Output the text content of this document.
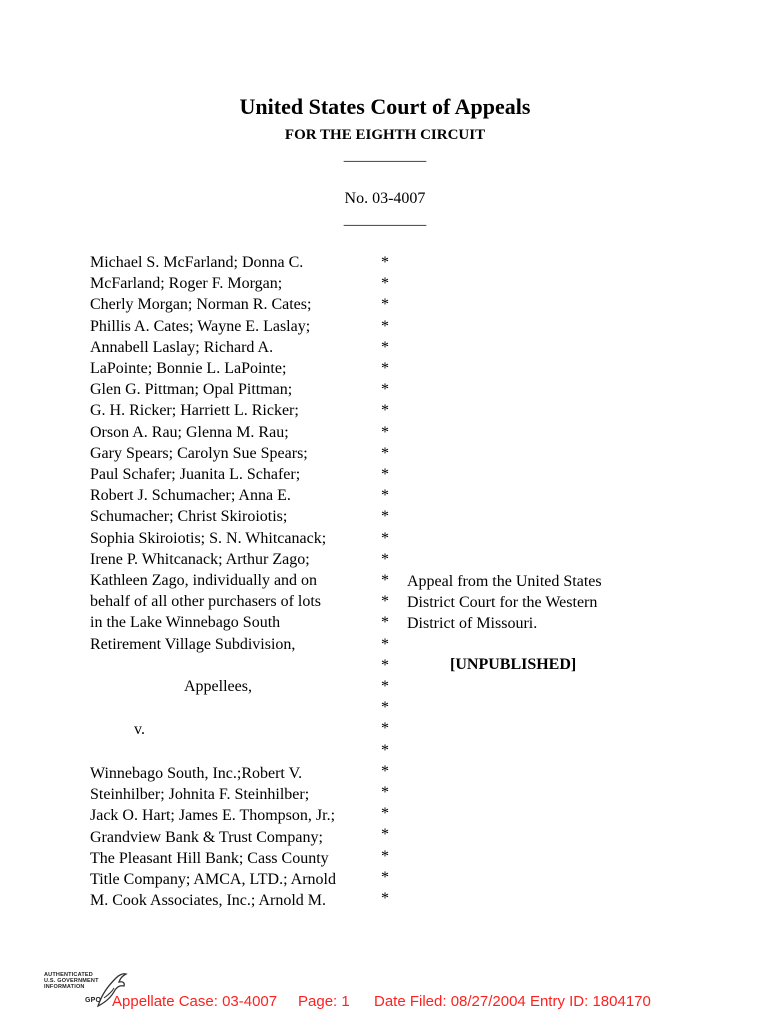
United States Court of Appeals
FOR THE EIGHTH CIRCUIT
___________
No. 03-4007
___________
Michael S. McFarland; Donna C.
McFarland; Roger F. Morgan;
Cherly Morgan; Norman R. Cates;
Phillis A. Cates; Wayne E. Laslay;
Annabell Laslay; Richard A.
LaPointe; Bonnie L. LaPointe;
Glen G. Pittman; Opal Pittman;
G. H. Ricker; Harriett L. Ricker;
Orson A. Rau; Glenna M. Rau;
Gary Spears; Carolyn Sue Spears;
Paul Schafer; Juanita L. Schafer;
Robert J. Schumacher; Anna E.
Schumacher; Christ Skiroiotis;
Sophia Skiroiotis; S. N. Whitcanack;
Irene P. Whitcanack; Arthur Zago;
Kathleen Zago, individually and on
behalf of all other purchasers of lots
in the Lake Winnebago South
Retirement Village Subdivision,
Appellees,
v.
Winnebago South, Inc.;Robert V.
Steinhilber; Johnita F. Steinhilber;
Jack O. Hart; James E. Thompson, Jr.;
Grandview Bank & Trust Company;
The Pleasant Hill Bank; Cass County
Title Company; AMCA, LTD.; Arnold
M. Cook Associates, Inc.; Arnold M.
*
*
*
*
*
*
*
*
*
*
*
*
*
*
*
*
*
*
*
*
*
*
*
*
*
*
*
*
*
*
*
Appeal from the United States
District Court for the Western
District of Missouri.
[UNPUBLISHED]
AUTHENTICATED
U.S. GOVERNMENT
INFORMATION
GPO Appellate Case: 03-4007 Page: 1 Date Filed: 08/27/2004 Entry ID: 1804170
